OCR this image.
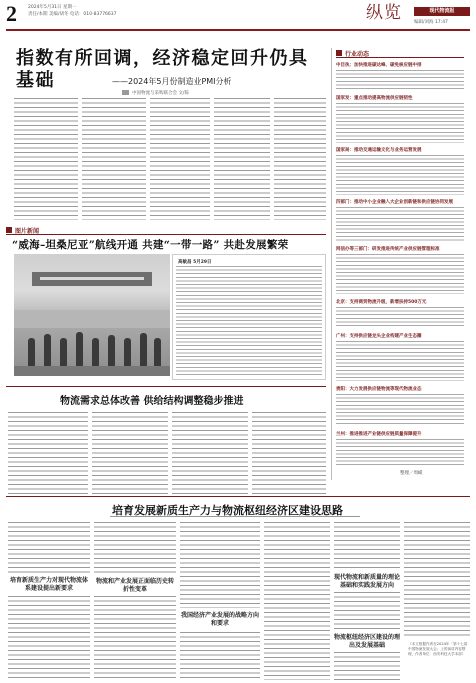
2 2024年5月31日 星期一
责任/本期 美编/胡冬 电话：010-83776637	纵览	现代物流报
编辑/刘海 17:47
指数有所回调，经济稳定回升仍具基础	——2024年5月份制造业PMI分析
中国物流与采购联合会 文/陈
行业动态
中目执：加快推进碳达峰、碳免核应链中排
国家发：重点推动提高物流供应链韧性
国家局：推动交通运输文化与业务运营发展
四部门：推动中小企业融入大企业创新链和供应链协同发展
网信办等三部门：研发推进传统产业供应链管理标准
北京：支持商贸物流升级，新增扶持500万元
广州：支持供应链龙头企业构建产业生态圈
贵阳：大力发展供应链物流等现代物流业态
兰州：推进推进产业链供应链质量保障提升
整理／周嵘
图片新闻
“威海–坦桑尼亚”航线开通 共建“一带一路” 共赴发展繁荣
高敏昌 5月29日
物流需求总体改善 供给结构调整稳步推进
培育发展新质生产力与物流枢纽经济区建设思路
培育新质生产力对现代物流体系建设提出新要求
物流和产业发展正面临历史转折性变革
我国经济产业发展的战略方向和要求
现代物流和新质量的理论基础和实践发展方向
物流枢纽经济区建设的理出及发展基础	（本文根据作者在2024年「第十七届中国物流发展大会」上的演讲内容整理，作者单位：西安科技大学本部）
